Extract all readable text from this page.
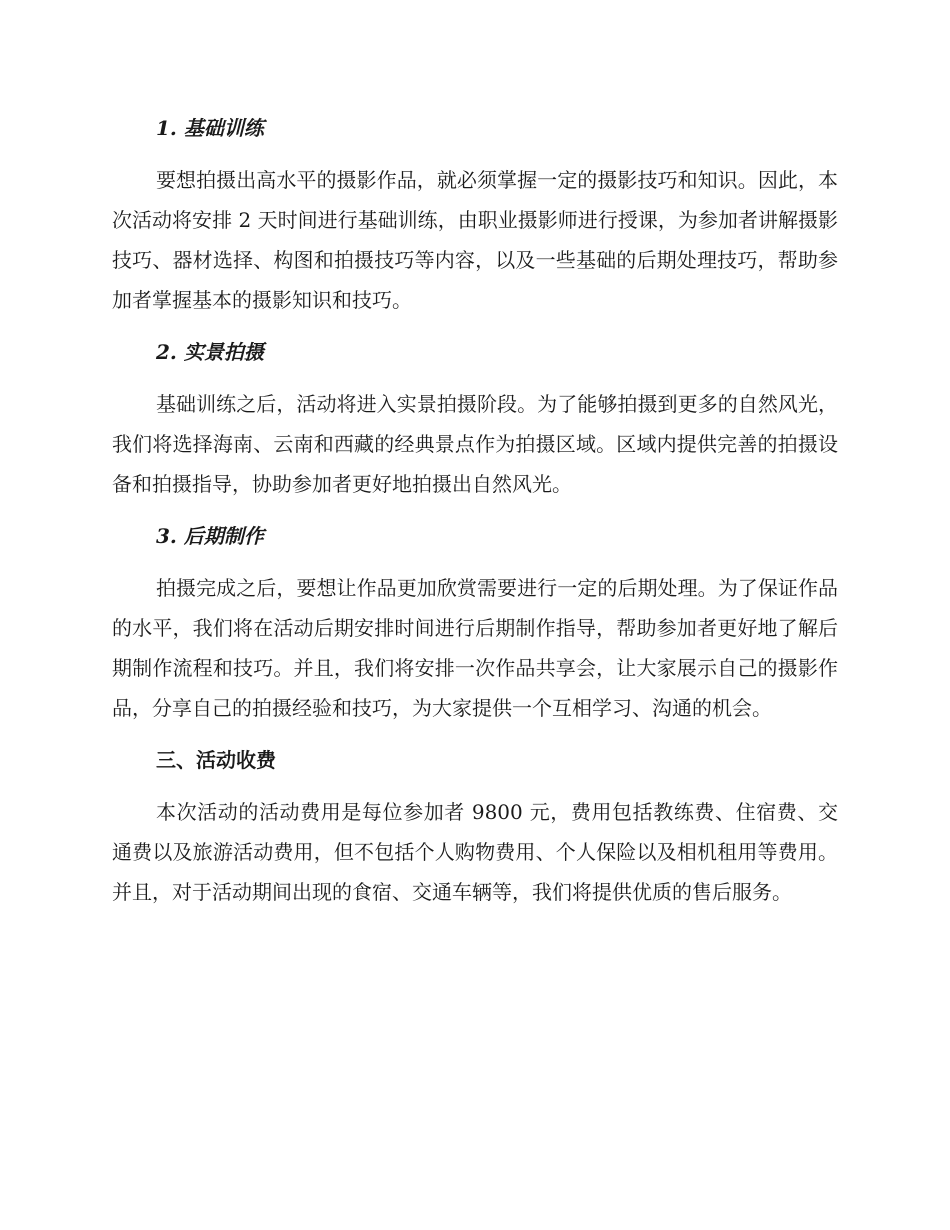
1. 基础训练

要想拍摄出高水平的摄影作品，就必须掌握一定的摄影技巧和知识。因此，本次活动将安排 2 天时间进行基础训练，由职业摄影师进行授课，为参加者讲解摄影技巧、器材选择、构图和拍摄技巧等内容，以及一些基础的后期处理技巧，帮助参加者掌握基本的摄影知识和技巧。

2. 实景拍摄

基础训练之后，活动将进入实景拍摄阶段。为了能够拍摄到更多的自然风光，我们将选择海南、云南和西藏的经典景点作为拍摄区域。区域内提供完善的拍摄设备和拍摄指导，协助参加者更好地拍摄出自然风光。

3. 后期制作

拍摄完成之后，要想让作品更加欣赏需要进行一定的后期处理。为了保证作品的水平，我们将在活动后期安排时间进行后期制作指导，帮助参加者更好地了解后期制作流程和技巧。并且，我们将安排一次作品共享会，让大家展示自己的摄影作品，分享自己的拍摄经验和技巧，为大家提供一个互相学习、沟通的机会。

三、活动收费

本次活动的活动费用是每位参加者 9800 元，费用包括教练费、住宿费、交通费以及旅游活动费用，但不包括个人购物费用、个人保险以及相机租用等费用。并且，对于活动期间出现的食宿、交通车辆等，我们将提供优质的售后服务。
